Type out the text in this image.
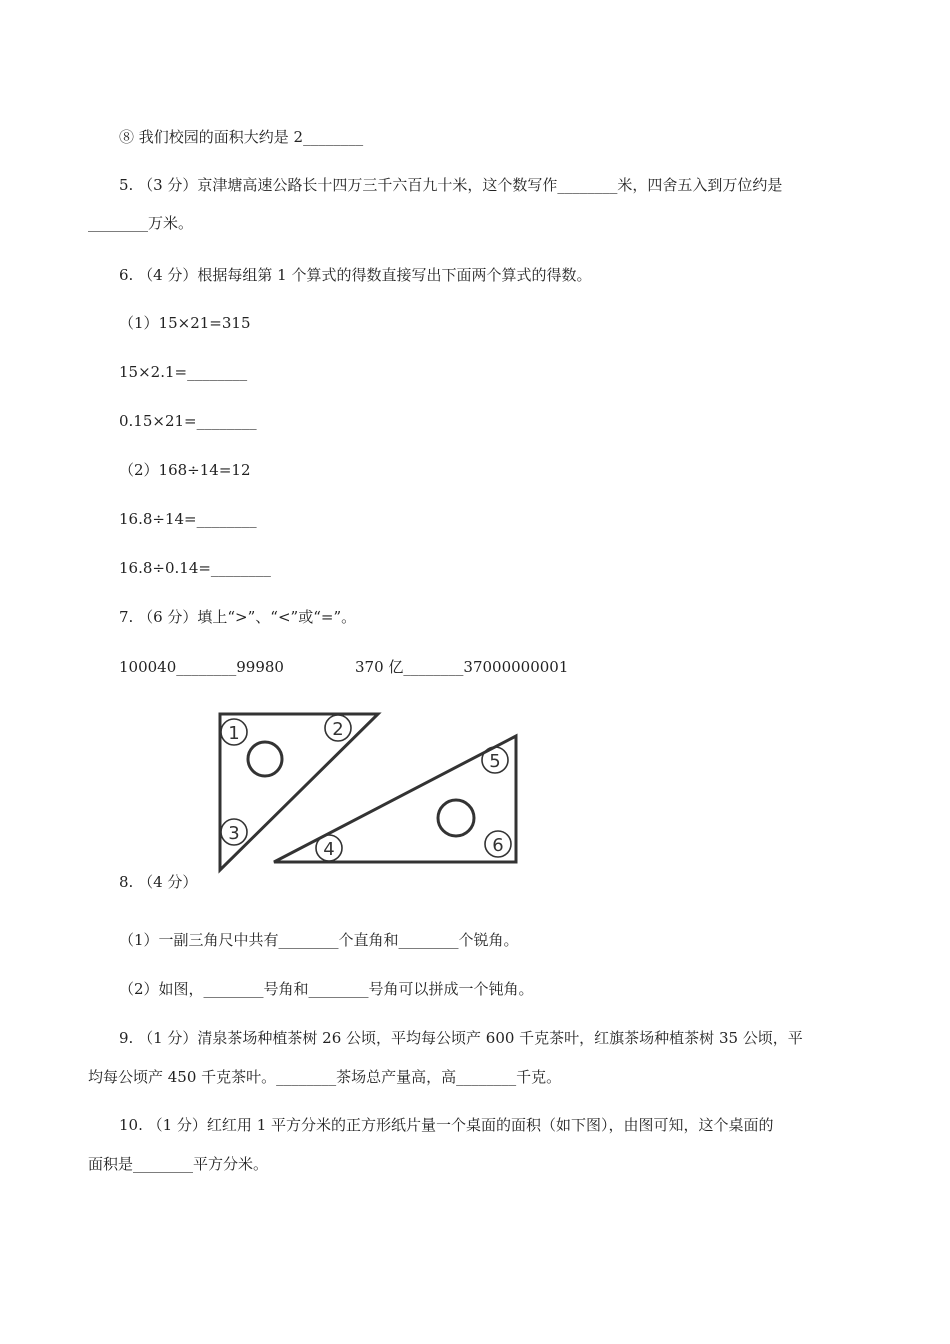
⑧ 我们校园的面积大约是 2________
5. （3 分）京津塘高速公路长十四万三千六百九十米，这个数写作________米，四舍五入到万位约是
________万米。
6. （4 分）根据每组第 1 个算式的得数直接写出下面两个算式的得数。
（1）15×21=315
15×2.1=________
0.15×21=________
（2）168÷14=12
16.8÷14=________
16.8÷0.14=________
7. （6 分）填上“>”、“<”或“=”。
100040________99980	370 亿________37000000001
1	2
3
4
5
6
8. （4 分）
（1）一副三角尺中共有________个直角和________个锐角。
（2）如图，________号角和________号角可以拼成一个钝角。
9. （1 分）清泉茶场种植茶树 26 公顷，平均每公顷产 600 千克茶叶，红旗茶场种植茶树 35 公顷，平
均每公顷产 450 千克茶叶。________茶场总产量高，高________千克。
10. （1 分）红红用 1 平方分米的正方形纸片量一个桌面的面积（如下图），由图可知，这个桌面的
面积是________平方分米。
